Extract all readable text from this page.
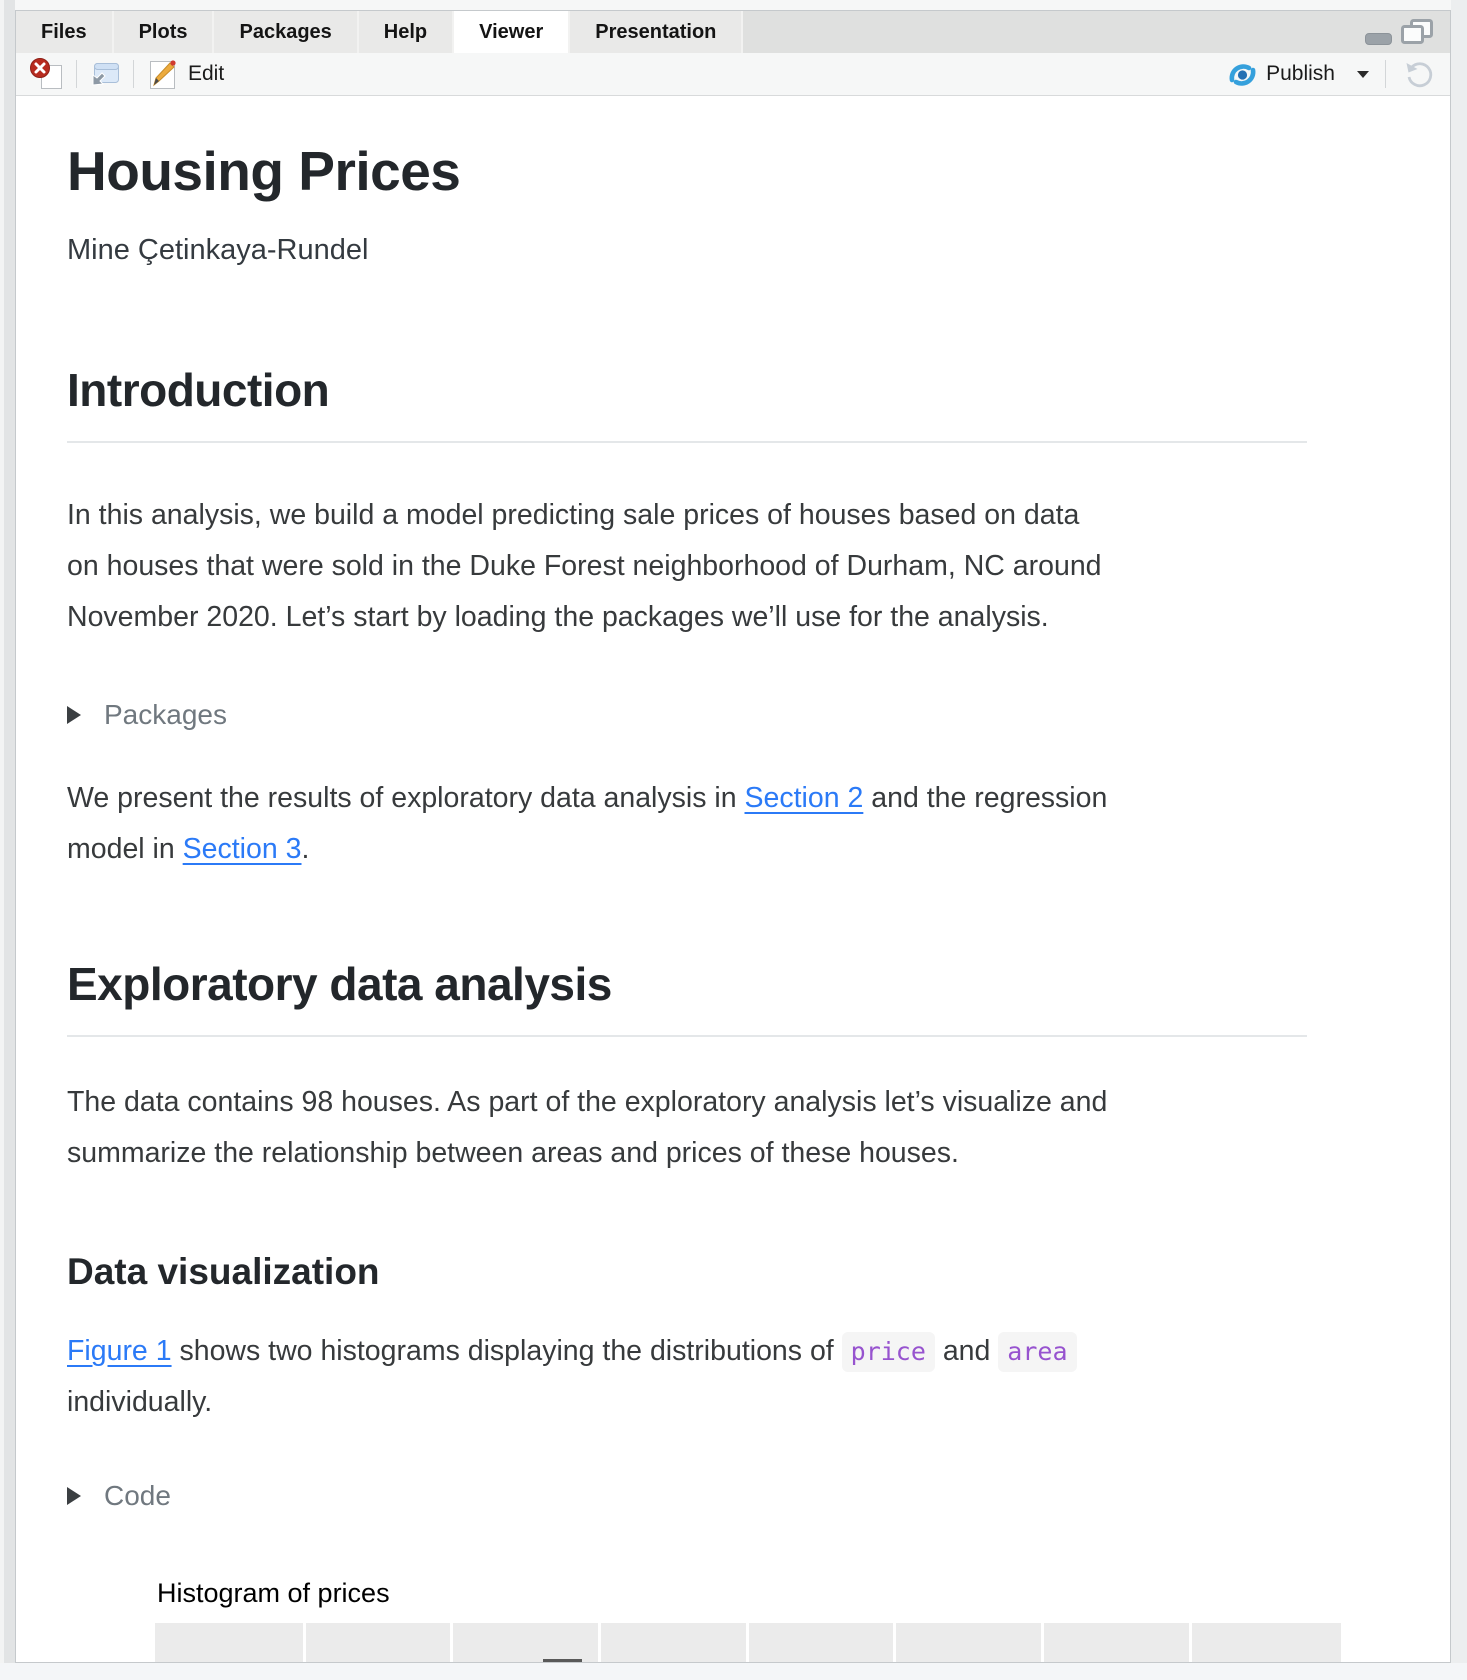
Files	Plots	Packages	Help	Viewer	Presentation
Edit	Publish
Housing Prices
Mine Çetinkaya-Rundel
Introduction
In this analysis, we build a model predicting sale prices of houses based on data
on houses that were sold in the Duke Forest neighborhood of Durham, NC around
November 2020. Let’s start by loading the packages we’ll use for the analysis.
Packages
We present the results of exploratory data analysis in Section 2 and the regression
model in Section 3.
Exploratory data analysis
The data contains 98 houses. As part of the exploratory analysis let’s visualize and
summarize the relationship between areas and prices of these houses.
Data visualization
Figure 1 shows two histograms displaying the distributions of price and area
individually.
Code
Histogram of prices
